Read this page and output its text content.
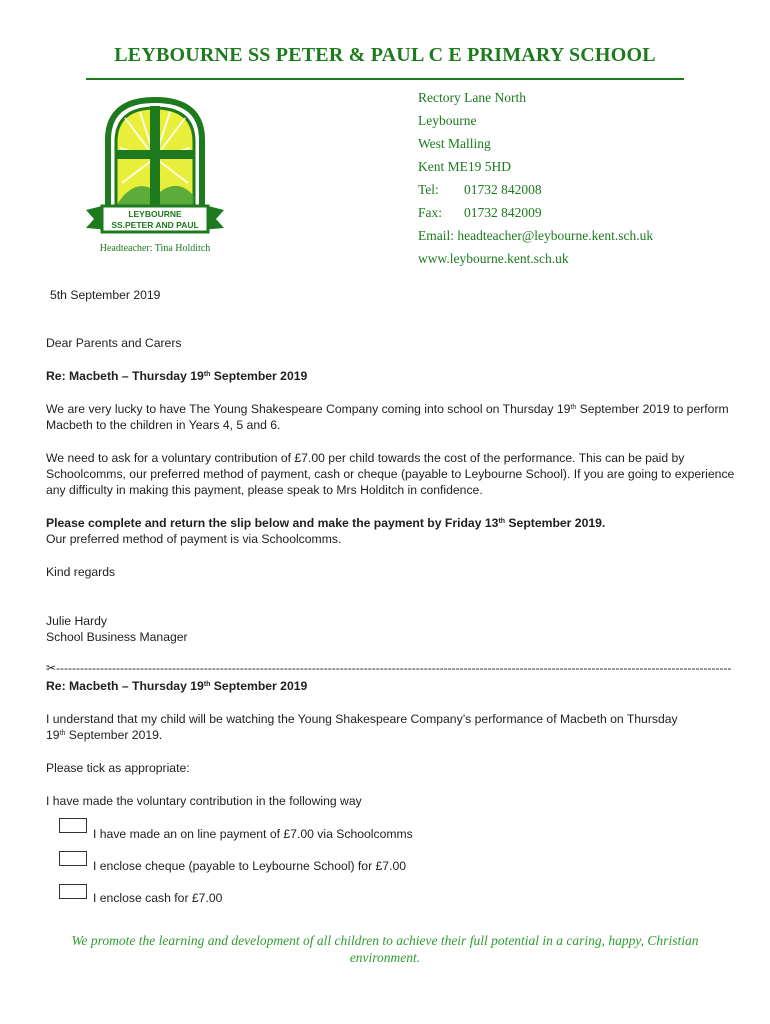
LEYBOURNE SS PETER & PAUL C E PRIMARY SCHOOL
LEYBOURNE
SS.PETER AND PAUL
Headteacher: Tina Holditch
Rectory Lane North
Leybourne
West Malling
Kent ME19 5HD
Tel: 01732 842008
Fax: 01732 842009
Email: headteacher@leybourne.kent.sch.uk
www.leybourne.kent.sch.uk
5th September 2019
Dear Parents and Carers
Re: Macbeth – Thursday 19th September 2019
We are very lucky to have The Young Shakespeare Company coming into school on Thursday 19th September 2019 to perform Macbeth to the children in Years 4, 5 and 6.
We need to ask for a voluntary contribution of £7.00 per child towards the cost of the performance. This can be paid by Schoolcomms, our preferred method of payment, cash or cheque (payable to Leybourne School). If you are going to experience any difficulty in making this payment, please speak to Mrs Holditch in confidence.
Please complete and return the slip below and make the payment by Friday 13th September 2019.
Our preferred method of payment is via Schoolcomms.
Kind regards
Julie Hardy
School Business Manager
✂-------------------------------------------------------------------------------------------------------------------------------------------------------------------------
Re: Macbeth – Thursday 19th September 2019
I understand that my child will be watching the Young Shakespeare Company’s performance of Macbeth on Thursday 19th September 2019.
Please tick as appropriate:
I have made the voluntary contribution in the following way
I have made an on line payment of £7.00 via Schoolcomms
I enclose cheque (payable to Leybourne School) for £7.00
I enclose cash for £7.00
We promote the learning and development of all children to achieve their full potential in a caring, happy, Christian environment.
